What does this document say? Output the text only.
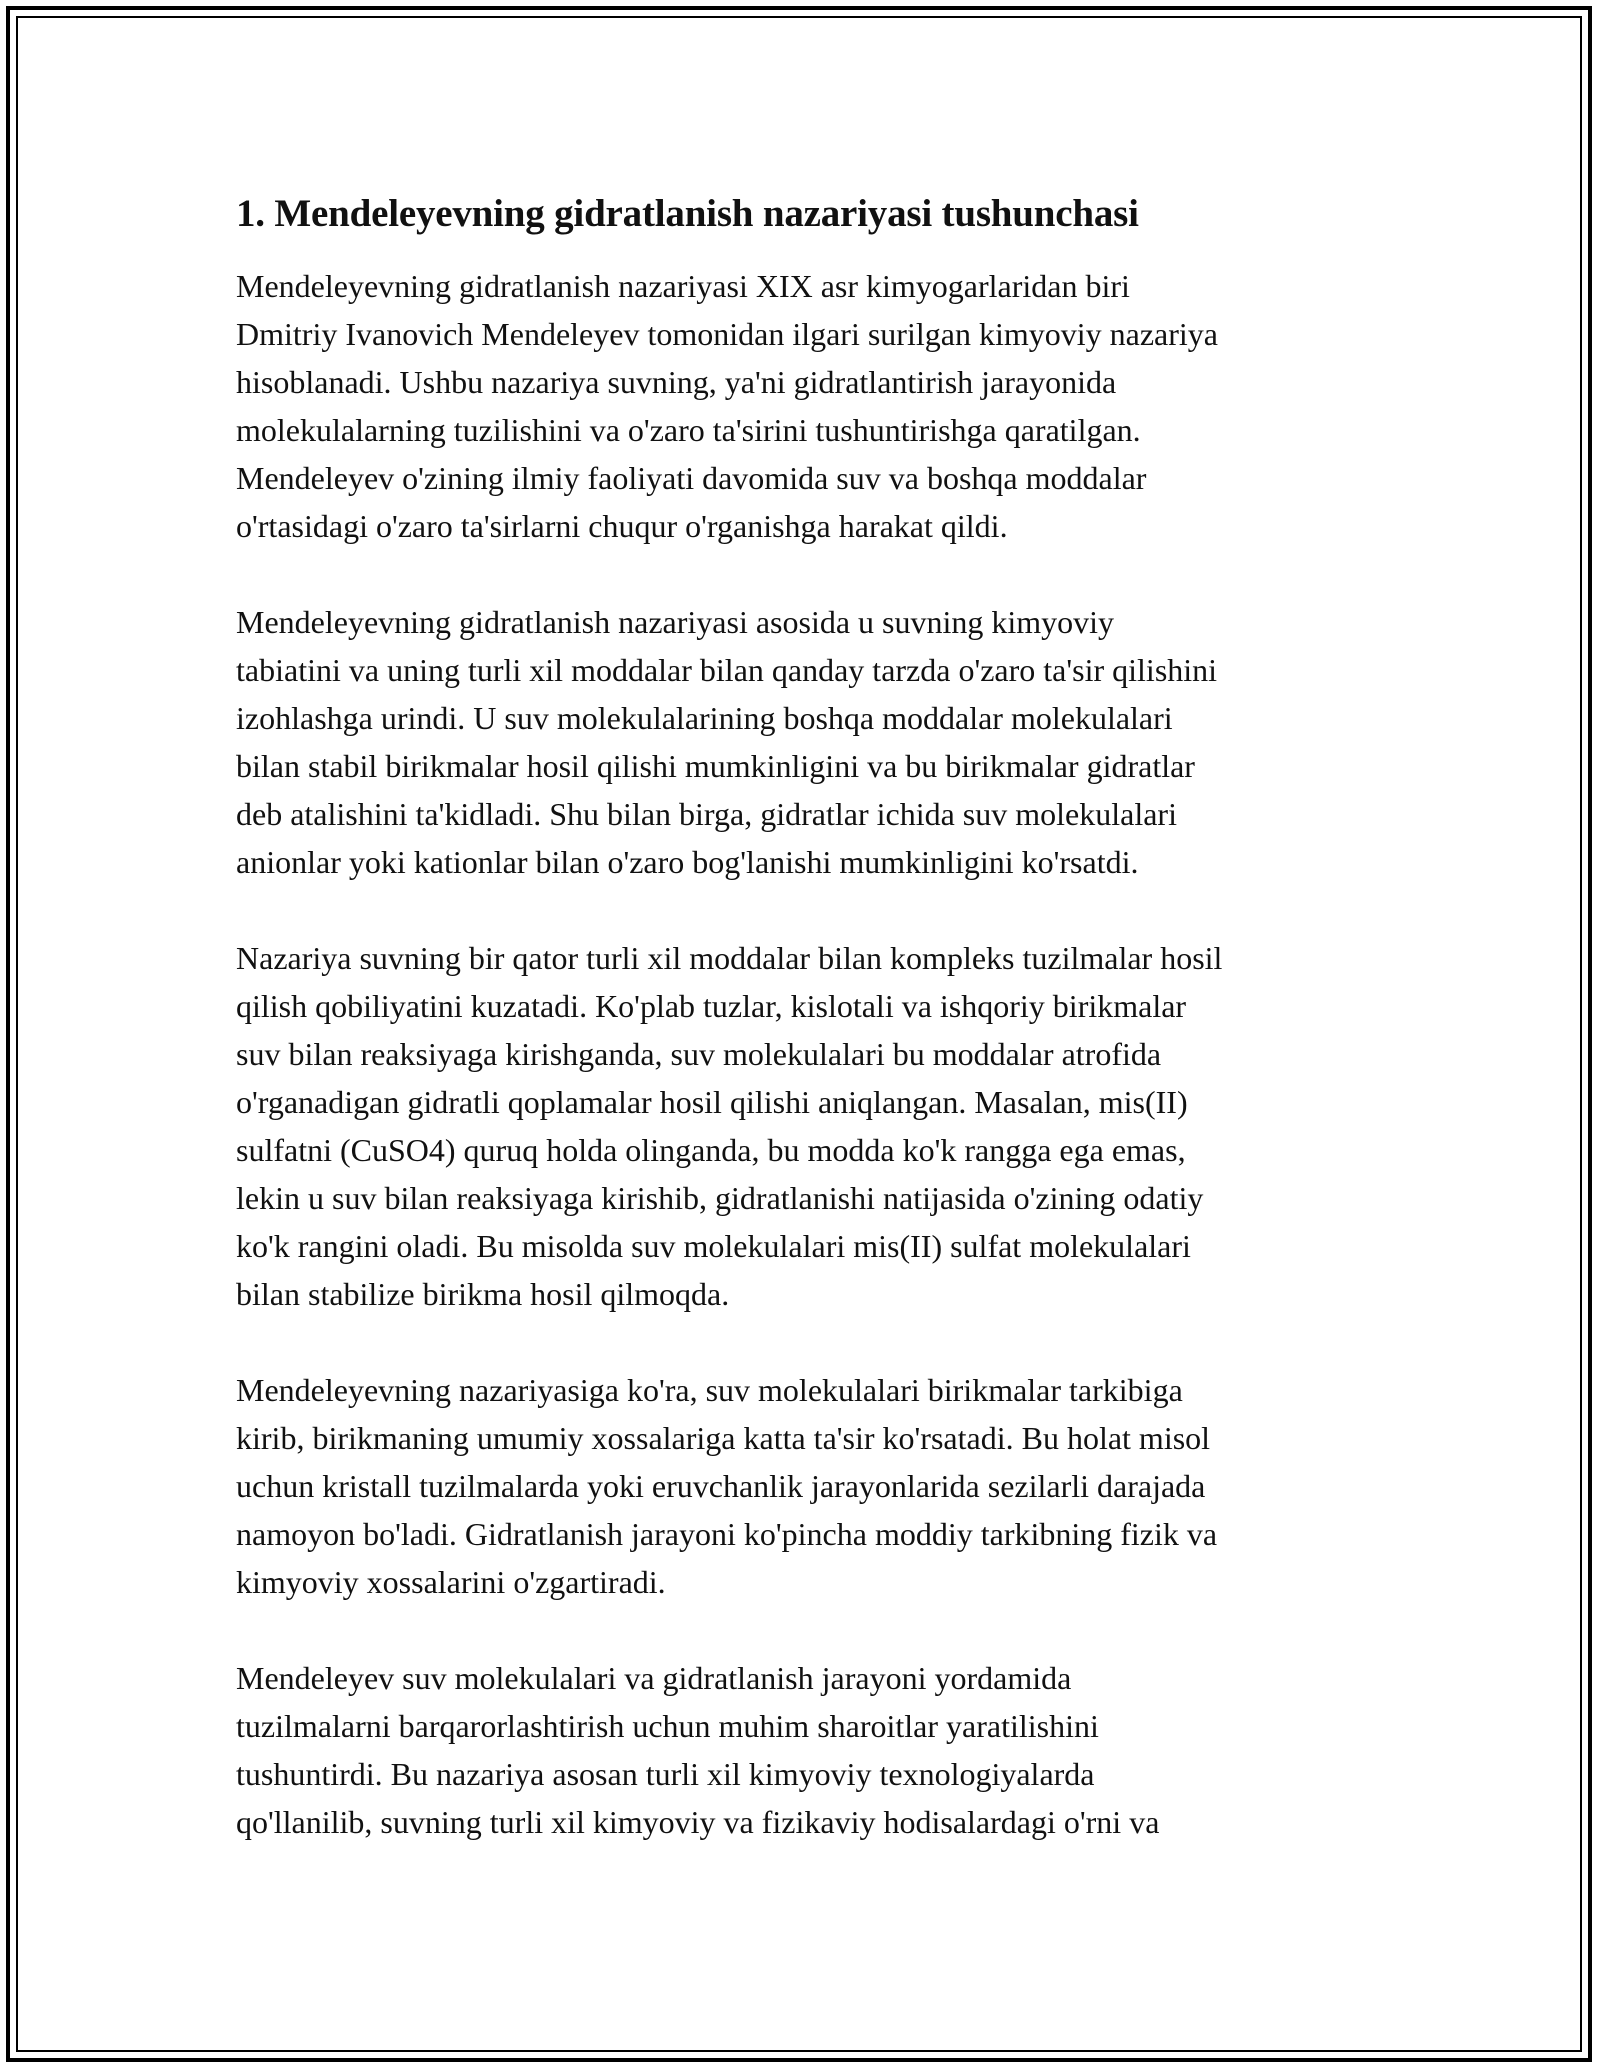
1. Mendeleyevning gidratlanish nazariyasi tushunchasi

Mendeleyevning gidratlanish nazariyasi XIX asr kimyogarlaridan biri
Dmitriy Ivanovich Mendeleyev tomonidan ilgari surilgan kimyoviy nazariya
hisoblanadi. Ushbu nazariya suvning, ya'ni gidratlantirish jarayonida
molekulalarning tuzilishini va o'zaro ta'sirini tushuntirishga qaratilgan.
Mendeleyev o'zining ilmiy faoliyati davomida suv va boshqa moddalar
o'rtasidagi o'zaro ta'sirlarni chuqur o'rganishga harakat qildi.

Mendeleyevning gidratlanish nazariyasi asosida u suvning kimyoviy
tabiatini va uning turli xil moddalar bilan qanday tarzda o'zaro ta'sir qilishini
izohlashga urindi. U suv molekulalarining boshqa moddalar molekulalari
bilan stabil birikmalar hosil qilishi mumkinligini va bu birikmalar gidratlar
deb atalishini ta'kidladi. Shu bilan birga, gidratlar ichida suv molekulalari
anionlar yoki kationlar bilan o'zaro bog'lanishi mumkinligini ko'rsatdi.

Nazariya suvning bir qator turli xil moddalar bilan kompleks tuzilmalar hosil
qilish qobiliyatini kuzatadi. Ko'plab tuzlar, kislotali va ishqoriy birikmalar
suv bilan reaksiyaga kirishganda, suv molekulalari bu moddalar atrofida
o'rganadigan gidratli qoplamalar hosil qilishi aniqlangan. Masalan, mis(II)
sulfatni (CuSO4) quruq holda olinganda, bu modda ko'k rangga ega emas,
lekin u suv bilan reaksiyaga kirishib, gidratlanishi natijasida o'zining odatiy
ko'k rangini oladi. Bu misolda suv molekulalari mis(II) sulfat molekulalari
bilan stabilize birikma hosil qilmoqda.

Mendeleyevning nazariyasiga ko'ra, suv molekulalari birikmalar tarkibiga
kirib, birikmaning umumiy xossalariga katta ta'sir ko'rsatadi. Bu holat misol
uchun kristall tuzilmalarda yoki eruvchanlik jarayonlarida sezilarli darajada
namoyon bo'ladi. Gidratlanish jarayoni ko'pincha moddiy tarkibning fizik va
kimyoviy xossalarini o'zgartiradi.

Mendeleyev suv molekulalari va gidratlanish jarayoni yordamida
tuzilmalarni barqarorlashtirish uchun muhim sharoitlar yaratilishini
tushuntirdi. Bu nazariya asosan turli xil kimyoviy texnologiyalarda
qo'llanilib, suvning turli xil kimyoviy va fizikaviy hodisalardagi o'rni va
